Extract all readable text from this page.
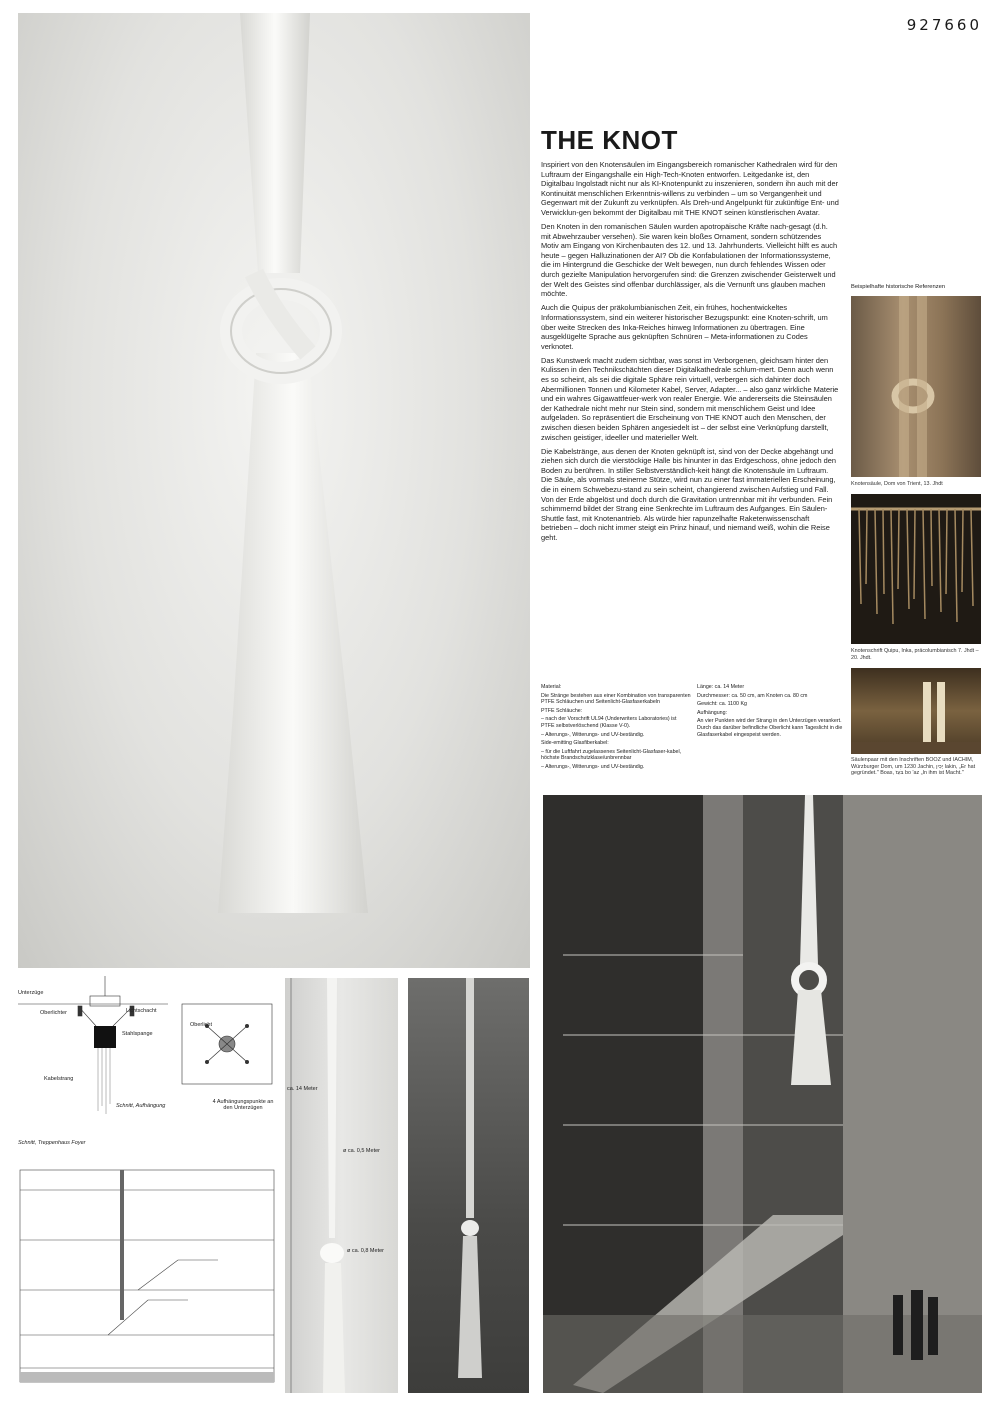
927660
THE KNOT

Inspiriert von den Knotensäulen im Eingangsbereich romanischer Kathedralen wird für den Luftraum der Eingangshalle ein High-Tech-Knoten entworfen. Leitgedanke ist, den Digitalbau Ingolstadt nicht nur als KI-Knotenpunkt zu inszenieren, sondern ihn auch mit der Kontinuität menschlichen Erkenntnis-willens zu verbinden – um so Vergangenheit und Gegenwart mit der Zukunft zu verknüpfen. Als Dreh-und Angelpunkt für zukünftige Ent- und Verwicklun-gen bekommt der Digitalbau mit THE KNOT seinen künstlerischen Avatar.

Den Knoten in den romanischen Säulen wurden apotropäische Kräfte nach-gesagt (d.h. mit Abwehrzauber versehen). Sie waren kein bloßes Ornament, sondern schützendes Motiv am Eingang von Kirchenbauten des 12. und 13. Jahrhunderts. Vielleicht hilft es auch heute – gegen Halluzinationen der AI? Ob die Konfabulationen der Informationssysteme, die im Hintergrund die Geschicke der Welt bewegen, nun durch fehlendes Wissen oder durch gezielte Manipulation hervorgerufen sind: die Grenzen zwischender Geisterwelt und der Welt des Geistes sind offenbar durchlässiger, als die Vernunft uns glauben machen möchte.

Auch die Quipus der präkolumbianischen Zeit, ein frühes, hochentwickeltes Informationssystem, sind ein weiterer historischer Bezugspunkt: eine Knoten-schrift, um über weite Strecken des Inka-Reiches hinweg Informationen zu übertragen. Eine ausgeklügelte Sprache aus geknüpften Schnüren – Meta-informationen zu Codes verknotet.

Das Kunstwerk macht zudem sichtbar, was sonst im Verborgenen, gleichsam hinter den Kulissen in den Technikschächten dieser Digitalkathedrale schlum-mert. Denn auch wenn es so scheint, als sei die digitale Sphäre rein virtuell, verbergen sich dahinter doch Abermillionen Tonnen und Kilometer Kabel, Server, Adapter... – also ganz wirkliche Materie und ein wahres Gigawattfeuer-werk von realer Energie. Wie andererseits die Steinsäulen der Kathedrale nicht mehr nur Stein sind, sondern mit menschlichem Geist und Idee aufgeladen. So repräsentiert die Erscheinung von THE KNOT auch den Menschen, der zwischen diesen beiden Sphären angesiedelt ist – der selbst eine Verknüpfung darstellt, zwischen geistiger, ideeller und materieller Welt.

Die Kabelstränge, aus denen der Knoten geknüpft ist, sind von der Decke abgehängt und ziehen sich durch die vierstöckige Halle bis hinunter in das Erdgeschoss, ohne jedoch den Boden zu berühren. In stiller Selbstverständlich-keit hängt die Knotensäule im Luftraum. Die Säule, als vormals steinerne Stütze, wird nun zu einer fast immateriellen Erscheinung, die in einem Schwebezu-stand zu sein scheint, changierend zwischen Aufstieg und Fall. Von der Erde abgelöst und doch durch die Gravitation untrennbar mit ihr verbunden. Fein schimmernd bildet der Strang eine Senkrechte im Luftraum des Aufganges. Ein Säulen-Shuttle fast, mit Knotenantrieb. Als würde hier rapunzelhafte Raketenwissenschaft betrieben – doch nicht immer steigt ein Prinz hinauf, und niemand weiß, wohin die Reise geht.

Material:

Die Stränge bestehen aus einer Kombination von transparenten PTFE Schläuchen und Seitenlicht-Glasfaserkabeln

PTFE Schläuche:

– nach der Vorschrift UL94 (Underwriters Laboratories) ist PTFE selbstverlöschend (Klasse V-0).

– Alterungs-, Witterungs- und UV-beständig.

Side-emitting Glasfiberkabel:

– für die Luftfahrt zugelassenes Seitenlicht-Glasfaser-kabel, höchste Brandschutzklase/unbrennbar

– Alterungs-, Witterungs- und UV-beständig.

Länge: ca. 14 Meter

Durchmesser: ca. 50 cm, am Knoten ca. 80 cm

Gewicht: ca. 1100 Kg

Aufhängung:

An vier Punkten wird der Strang in den Unterzügen verankert. Durch das darüber befindliche Oberlicht kann Tageslicht in die Glasfaserkabel eingespeist werden.

Beispielhafte historische Referenzen
Knotensäule, Dom von Trient, 13. Jhdt
Knotenschrift Quipu, Inka, präcolumbianisch 7. Jhdt – 20. Jhdt.
Säulenpaar mit den Inschriften BOOZ und IACHIM, Würzburger Dom, um 1230 Jachin, יָכִין Iakin, „Er hat gegründet." Boas, בֹּעַז bo 'az „In ihm ist Macht."
Unterzüge
Oberlichter
Stahlspange
Kabelstrang
Lichtschacht
Oberlicht
Schnitt, Aufhängung
4 Aufhängungspunkte an den Unterzügen
Schnitt, Treppenhaus Foyer
ca. 14 Meter
ø ca. 0,5 Meter
ø ca. 0,8 Meter
